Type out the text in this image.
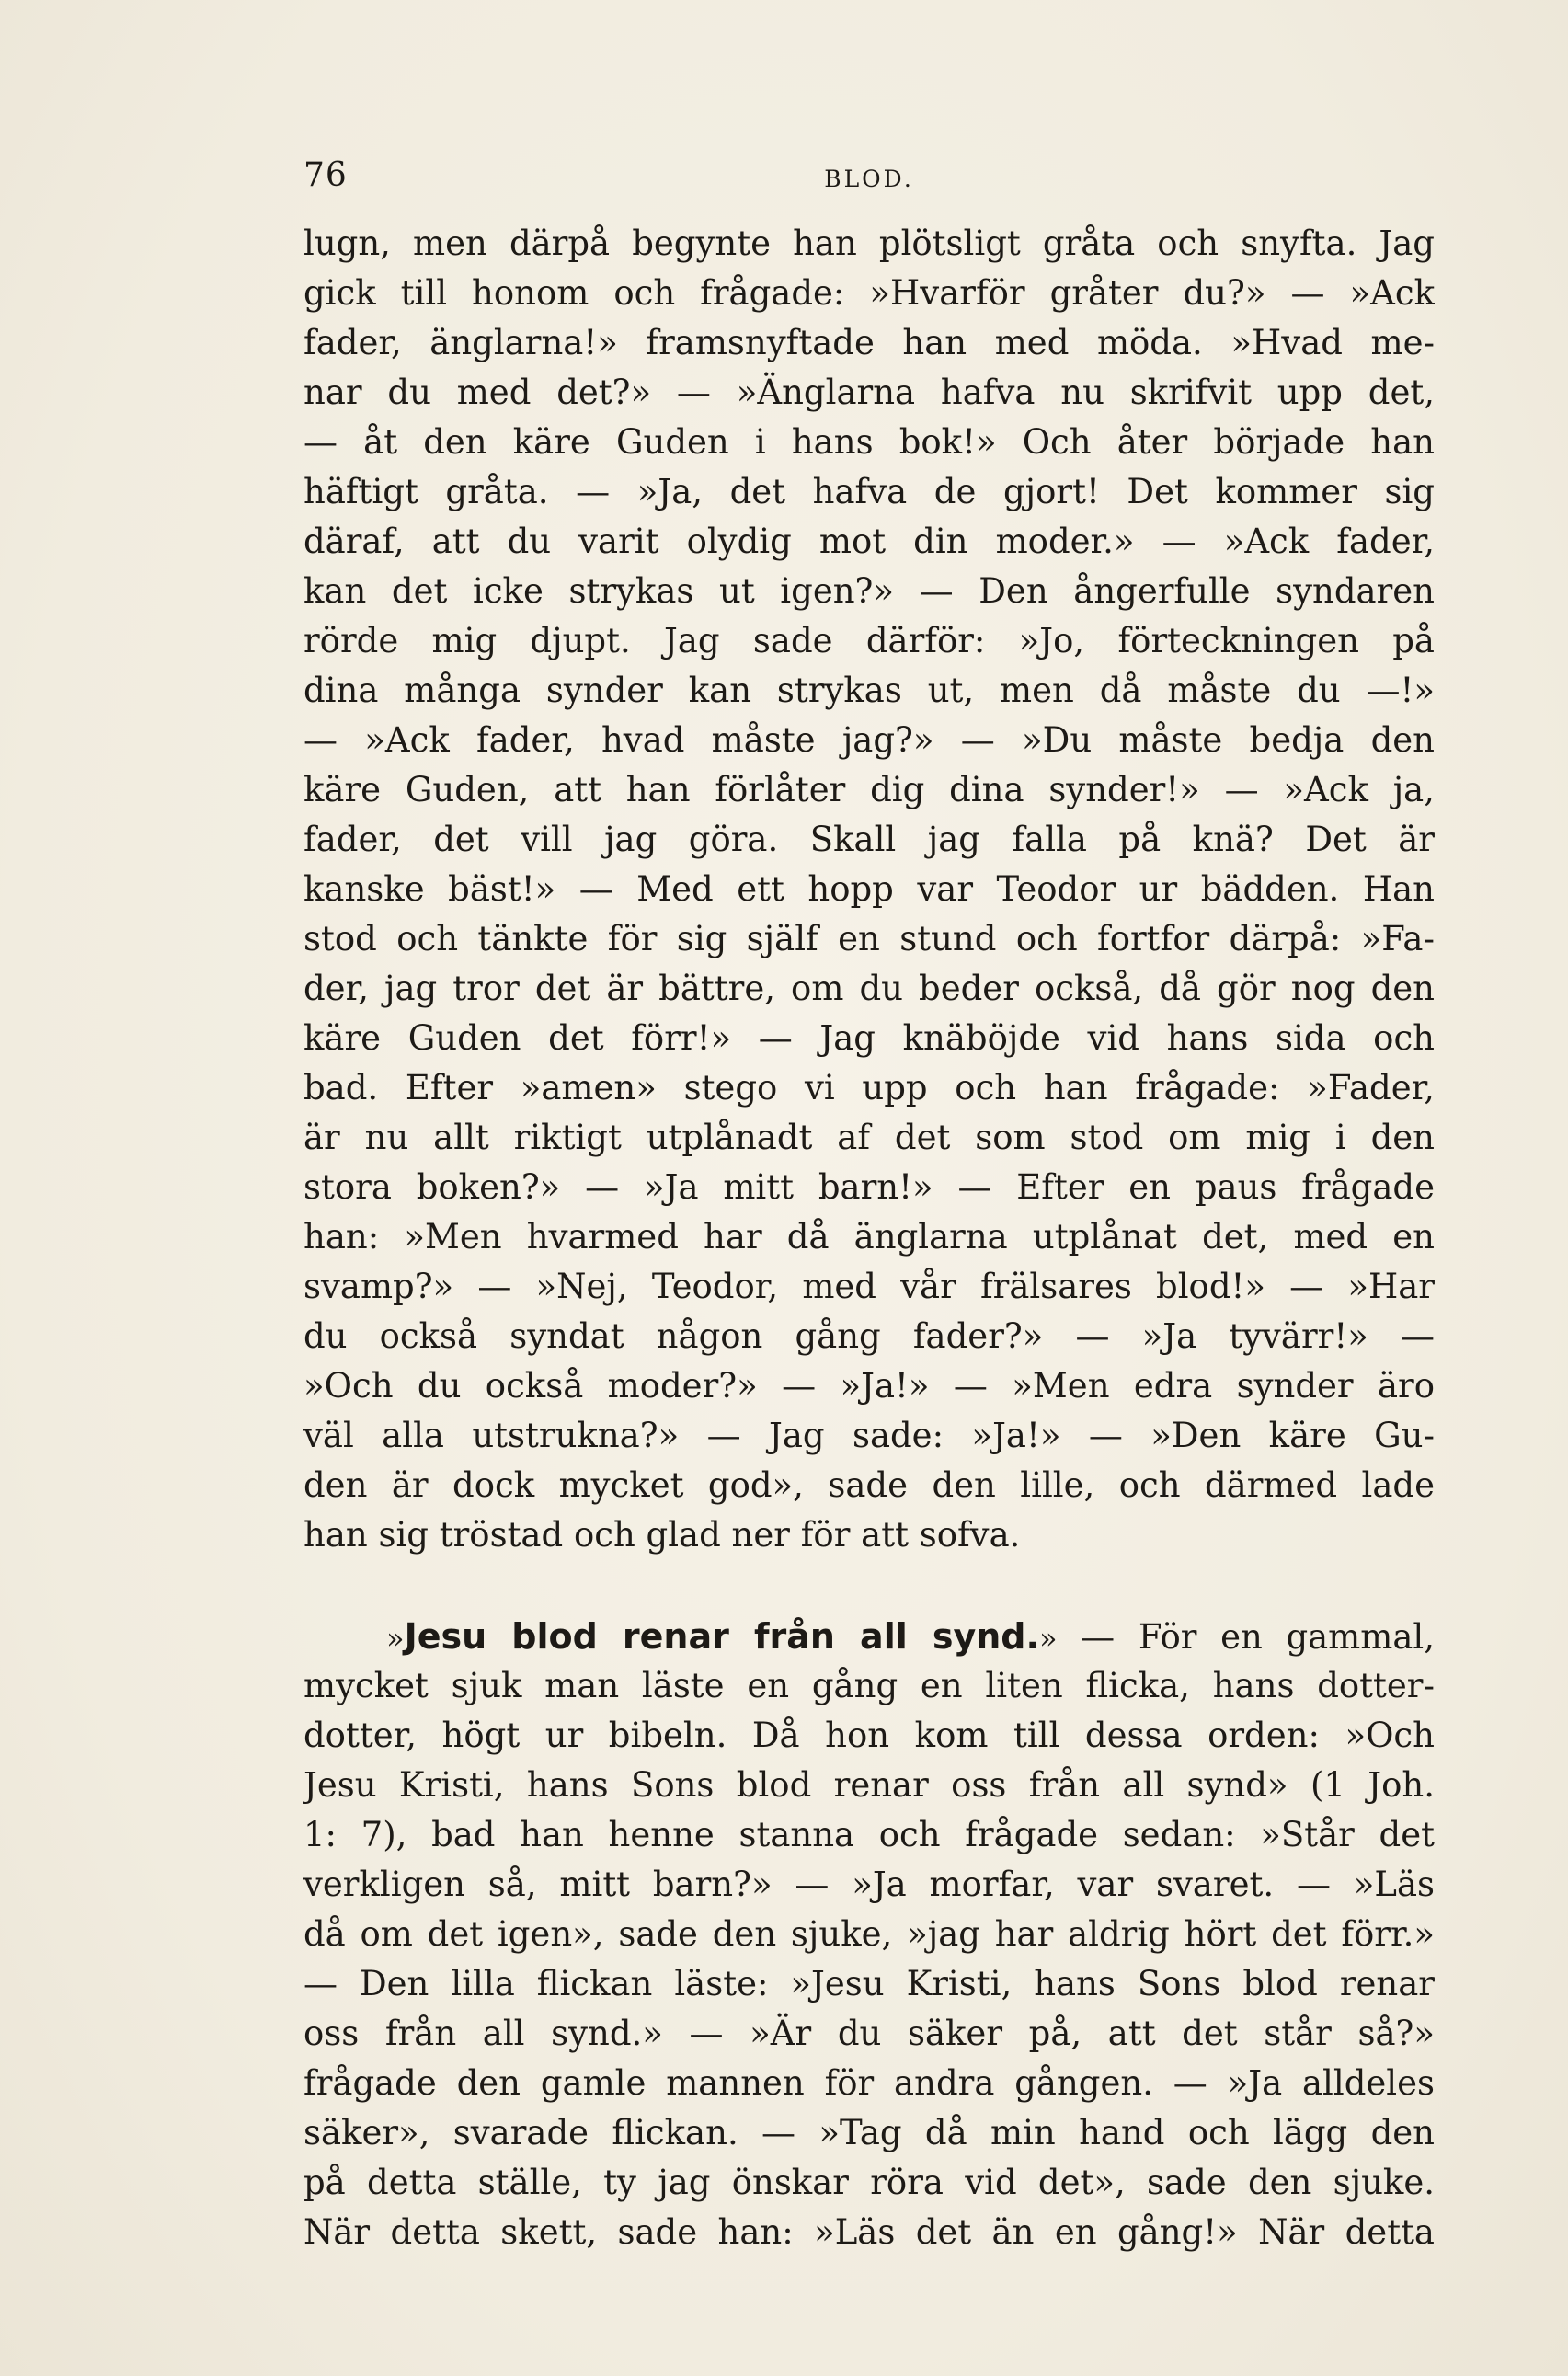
76	BLOD.
lugn, men därpå begynte han plötsligt gråta och snyfta. Jag
gick till honom och frågade: »Hvarför gråter du?» — »Ack
fader, änglarna!» framsnyftade han med möda. »Hvad me-
nar du med det?» — »Änglarna hafva nu skrifvit upp det,
— åt den käre Guden i hans bok!» Och åter började han
häftigt gråta. — »Ja, det hafva de gjort! Det kommer sig
däraf, att du varit olydig mot din moder.» — »Ack fader,
kan det icke strykas ut igen?» — Den ångerfulle syndaren
rörde mig djupt. Jag sade därför: »Jo, förteckningen på
dina många synder kan strykas ut, men då måste du —!»
— »Ack fader, hvad måste jag?» — »Du måste bedja den
käre Guden, att han förlåter dig dina synder!» — »Ack ja,
fader, det vill jag göra. Skall jag falla på knä? Det är
kanske bäst!» — Med ett hopp var Teodor ur bädden. Han
stod och tänkte för sig själf en stund och fortfor därpå: »Fa-
der, jag tror det är bättre, om du beder också, då gör nog den
käre Guden det förr!» — Jag knäböjde vid hans sida och
bad. Efter »amen» stego vi upp och han frågade: »Fader,
är nu allt riktigt utplånadt af det som stod om mig i den
stora boken?» — »Ja mitt barn!» — Efter en paus frågade
han: »Men hvarmed har då änglarna utplånat det, med en
svamp?» — »Nej, Teodor, med vår frälsares blod!» — »Har
du också syndat någon gång fader?» — »Ja tyvärr!» —
»Och du också moder?» — »Ja!» — »Men edra synder äro
väl alla utstrukna?» — Jag sade: »Ja!» — »Den käre Gu-
den är dock mycket god», sade den lille, och därmed lade
han sig tröstad och glad ner för att sofva.
»Jesu blod renar från all synd.» — För en gammal,
mycket sjuk man läste en gång en liten flicka, hans dotter-
dotter, högt ur bibeln. Då hon kom till dessa orden: »Och
Jesu Kristi, hans Sons blod renar oss från all synd» (1 Joh.
1: 7), bad han henne stanna och frågade sedan: »Står det
verkligen så, mitt barn?» — »Ja morfar, var svaret. — »Läs
då om det igen», sade den sjuke, »jag har aldrig hört det förr.»
— Den lilla flickan läste: »Jesu Kristi, hans Sons blod renar
oss från all synd.» — »Är du säker på, att det står så?»
frågade den gamle mannen för andra gången. — »Ja alldeles
säker», svarade flickan. — »Tag då min hand och lägg den
på detta ställe, ty jag önskar röra vid det», sade den sjuke.
När detta skett, sade han: »Läs det än en gång!» När detta
